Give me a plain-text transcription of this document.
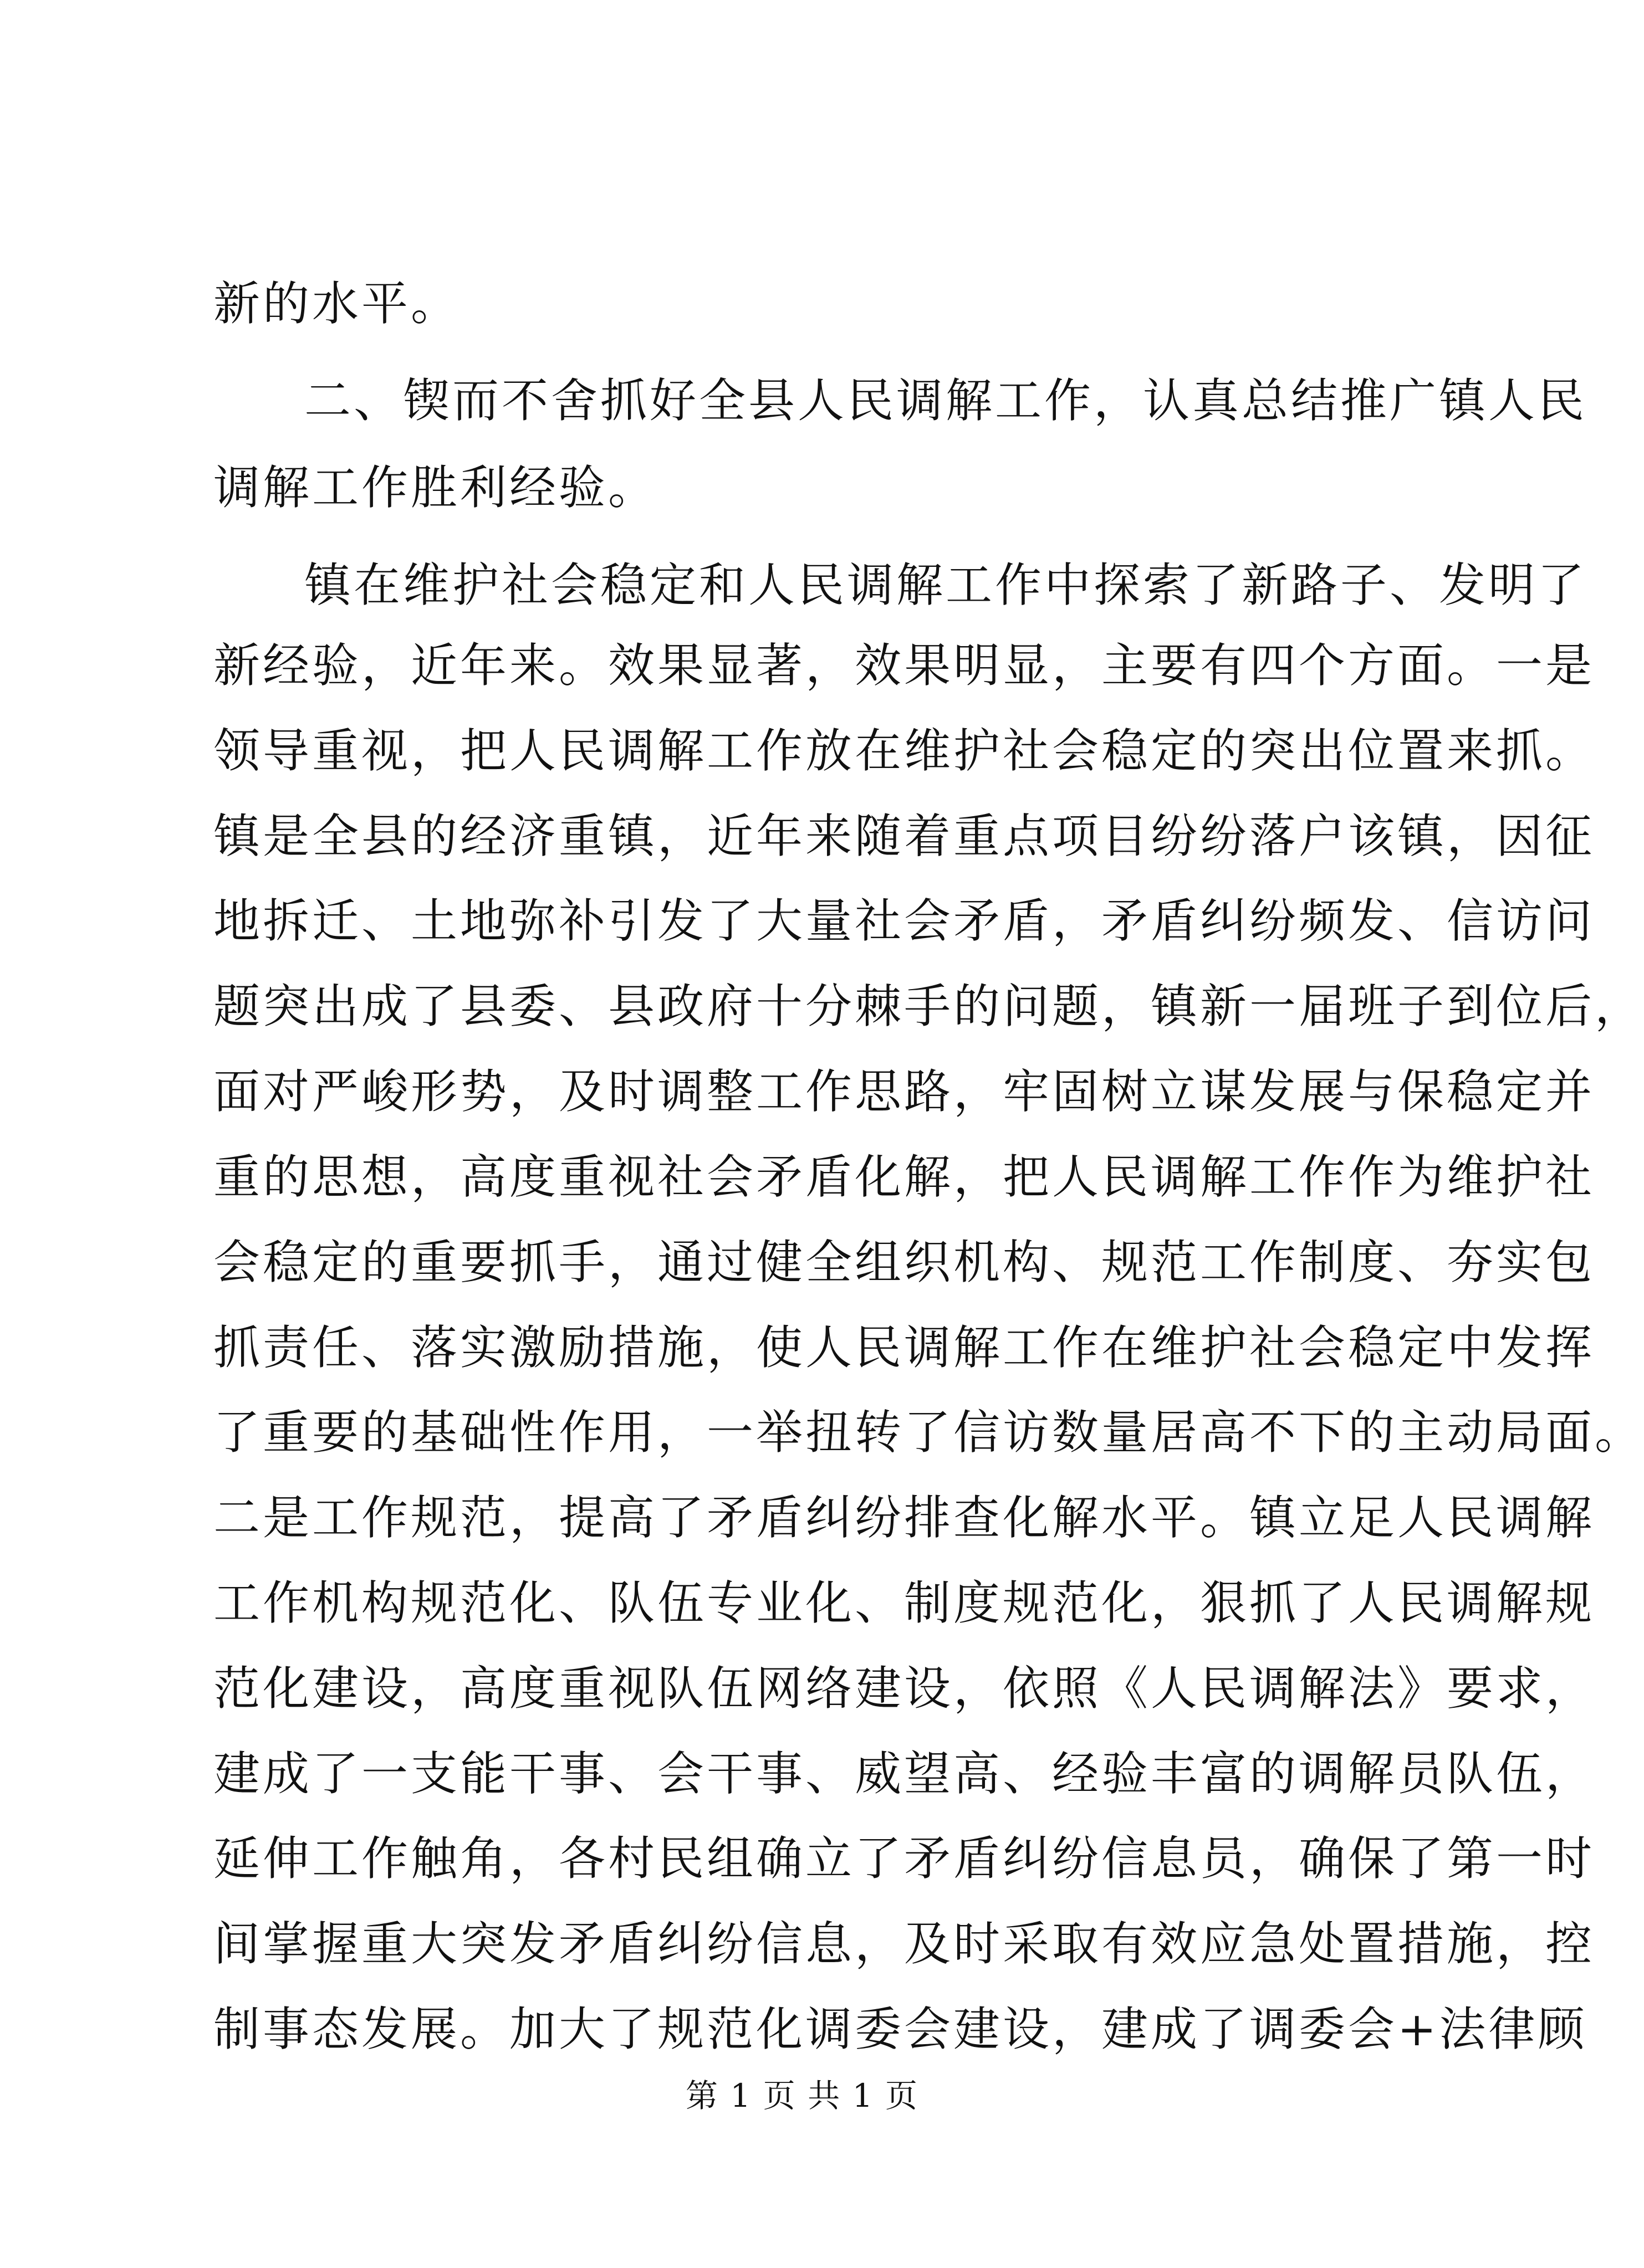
新的水平。
二、锲而不舍抓好全县人民调解工作，认真总结推广镇人民
调解工作胜利经验。
镇在维护社会稳定和人民调解工作中探索了新路子、发明了
新经验，近年来。效果显著，效果明显，主要有四个方面。一是
领导重视，把人民调解工作放在维护社会稳定的突出位置来抓。
镇是全县的经济重镇，近年来随着重点项目纷纷落户该镇，因征
地拆迁、土地弥补引发了大量社会矛盾，矛盾纠纷频发、信访问
题突出成了县委、县政府十分棘手的问题，镇新一届班子到位后，
面对严峻形势，及时调整工作思路，牢固树立谋发展与保稳定并
重的思想，高度重视社会矛盾化解，把人民调解工作作为维护社
会稳定的重要抓手，通过健全组织机构、规范工作制度、夯实包
抓责任、落实激励措施，使人民调解工作在维护社会稳定中发挥
了重要的基础性作用，一举扭转了信访数量居高不下的主动局面。
二是工作规范，提高了矛盾纠纷排查化解水平。镇立足人民调解
工作机构规范化、队伍专业化、制度规范化，狠抓了人民调解规
范化建设，高度重视队伍网络建设，依照《人民调解法》要求，
建成了一支能干事、会干事、威望高、经验丰富的调解员队伍，
延伸工作触角，各村民组确立了矛盾纠纷信息员，确保了第一时
间掌握重大突发矛盾纠纷信息，及时采取有效应急处置措施，控
制事态发展。加大了规范化调委会建设，建成了调委会+法律顾
第 1 页 共 1 页
